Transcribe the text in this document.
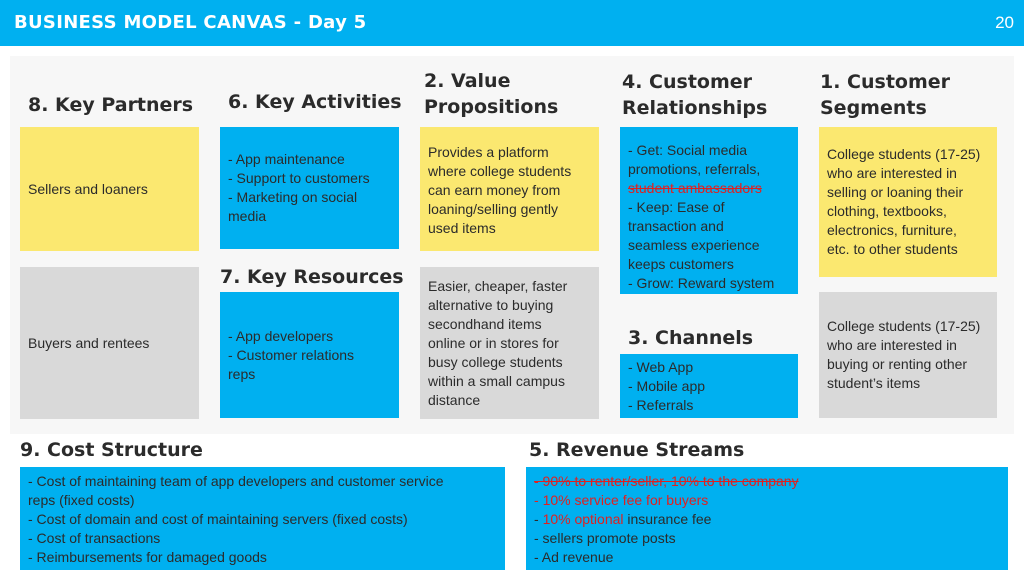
BUSINESS MODEL CANVAS - Day 5	20
8. Key Partners
Sellers and loaners
Buyers and rentees
6. Key Activities
- App maintenance
- Support to customers
- Marketing on social
media
7. Key Resources
- App developers
- Customer relations
reps
2. Value
Propositions
Provides a platform
where college students
can earn money from
loaning/selling gently
used items
Easier, cheaper, faster
alternative to buying
secondhand items
online or in stores for
busy college students
within a small campus
distance
4. Customer
Relationships
- Get: Social media
promotions, referrals,
student ambassadors
- Keep: Ease of
transaction and
seamless experience
keeps customers
- Grow: Reward system
3. Channels
- Web App
- Mobile app
- Referrals
1. Customer
Segments
College students (17-25)
who are interested in
selling or loaning their
clothing, textbooks,
electronics, furniture,
etc. to other students
College students (17-25)
who are interested in
buying or renting other
student’s items
9. Cost Structure
- Cost of maintaining team of app developers and customer service
reps (fixed costs)
- Cost of domain and cost of maintaining servers (fixed costs)
- Cost of transactions
- Reimbursements for damaged goods
5. Revenue Streams
- 90% to renter/seller, 10% to the company
- 10% service fee for buyers
- 10% optional insurance fee
- sellers promote posts
- Ad revenue
